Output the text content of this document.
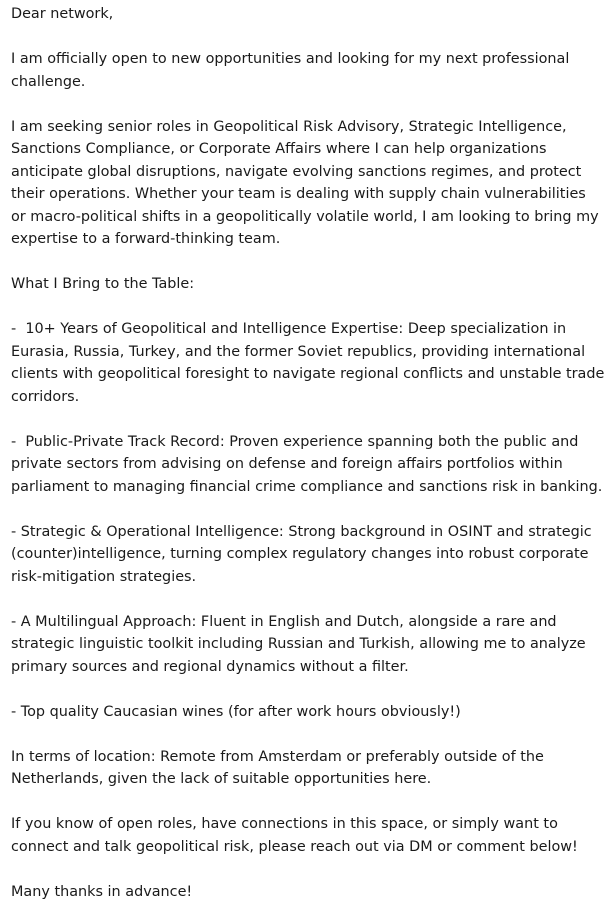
Dear network,

I am officially open to new opportunities and looking for my next professional challenge.

I am seeking senior roles in Geopolitical Risk Advisory, Strategic Intelligence, Sanctions Compliance, or Corporate Affairs where I can help organizations anticipate global disruptions, navigate evolving sanctions regimes, and protect their operations. Whether your team is dealing with supply chain vulnerabilities or macro-political shifts in a geopolitically volatile world, I am looking to bring my expertise to a forward-thinking team.

What I Bring to the Table:

-  10+ Years of Geopolitical and Intelligence Expertise: Deep specialization in Eurasia, Russia, Turkey, and the former Soviet republics, providing international clients with geopolitical foresight to navigate regional conflicts and unstable trade corridors.

-  Public-Private Track Record: Proven experience spanning both the public and private sectors from advising on defense and foreign affairs portfolios within parliament to managing financial crime compliance and sanctions risk in banking.

- Strategic & Operational Intelligence: Strong background in OSINT and strategic (counter)intelligence, turning complex regulatory changes into robust corporate risk-mitigation strategies.

- A Multilingual Approach: Fluent in English and Dutch, alongside a rare and strategic linguistic toolkit including Russian and Turkish, allowing me to analyze primary sources and regional dynamics without a filter.

- Top quality Caucasian wines (for after work hours obviously!)

In terms of location: Remote from Amsterdam or preferably outside of the Netherlands, given the lack of suitable opportunities here.

If you know of open roles, have connections in this space, or simply want to connect and talk geopolitical risk, please reach out via DM or comment below!

Many thanks in advance!
